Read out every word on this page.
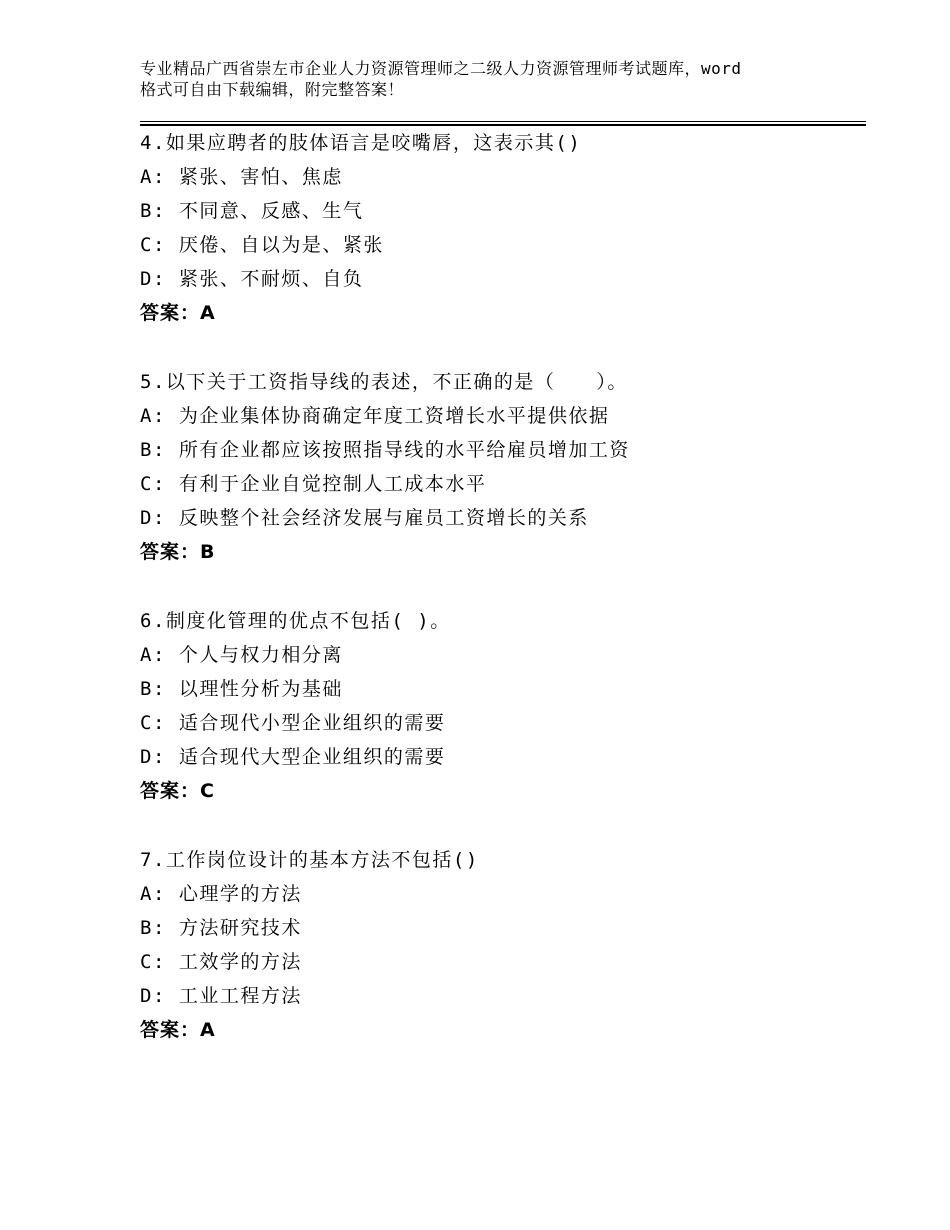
专业精品广西省崇左市企业人力资源管理师之二级人力资源管理师考试题库，word
格式可自由下载编辑，附完整答案！
4.如果应聘者的肢体语言是咬嘴唇，这表示其()
A: 紧张、害怕、焦虑
B: 不同意、反感、生气
C: 厌倦、自以为是、紧张
D: 紧张、不耐烦、自负
答案：A
5.以下关于工资指导线的表述，不正确的是（　　）。
A: 为企业集体协商确定年度工资增长水平提供依据
B: 所有企业都应该按照指导线的水平给雇员增加工资
C: 有利于企业自觉控制人工成本水平
D: 反映整个社会经济发展与雇员工资增长的关系
答案：B
6.制度化管理的优点不包括( )。
A: 个人与权力相分离
B: 以理性分析为基础
C: 适合现代小型企业组织的需要
D: 适合现代大型企业组织的需要
答案：C
7.工作岗位设计的基本方法不包括()
A: 心理学的方法
B: 方法研究技术
C: 工效学的方法
D: 工业工程方法
答案：A
